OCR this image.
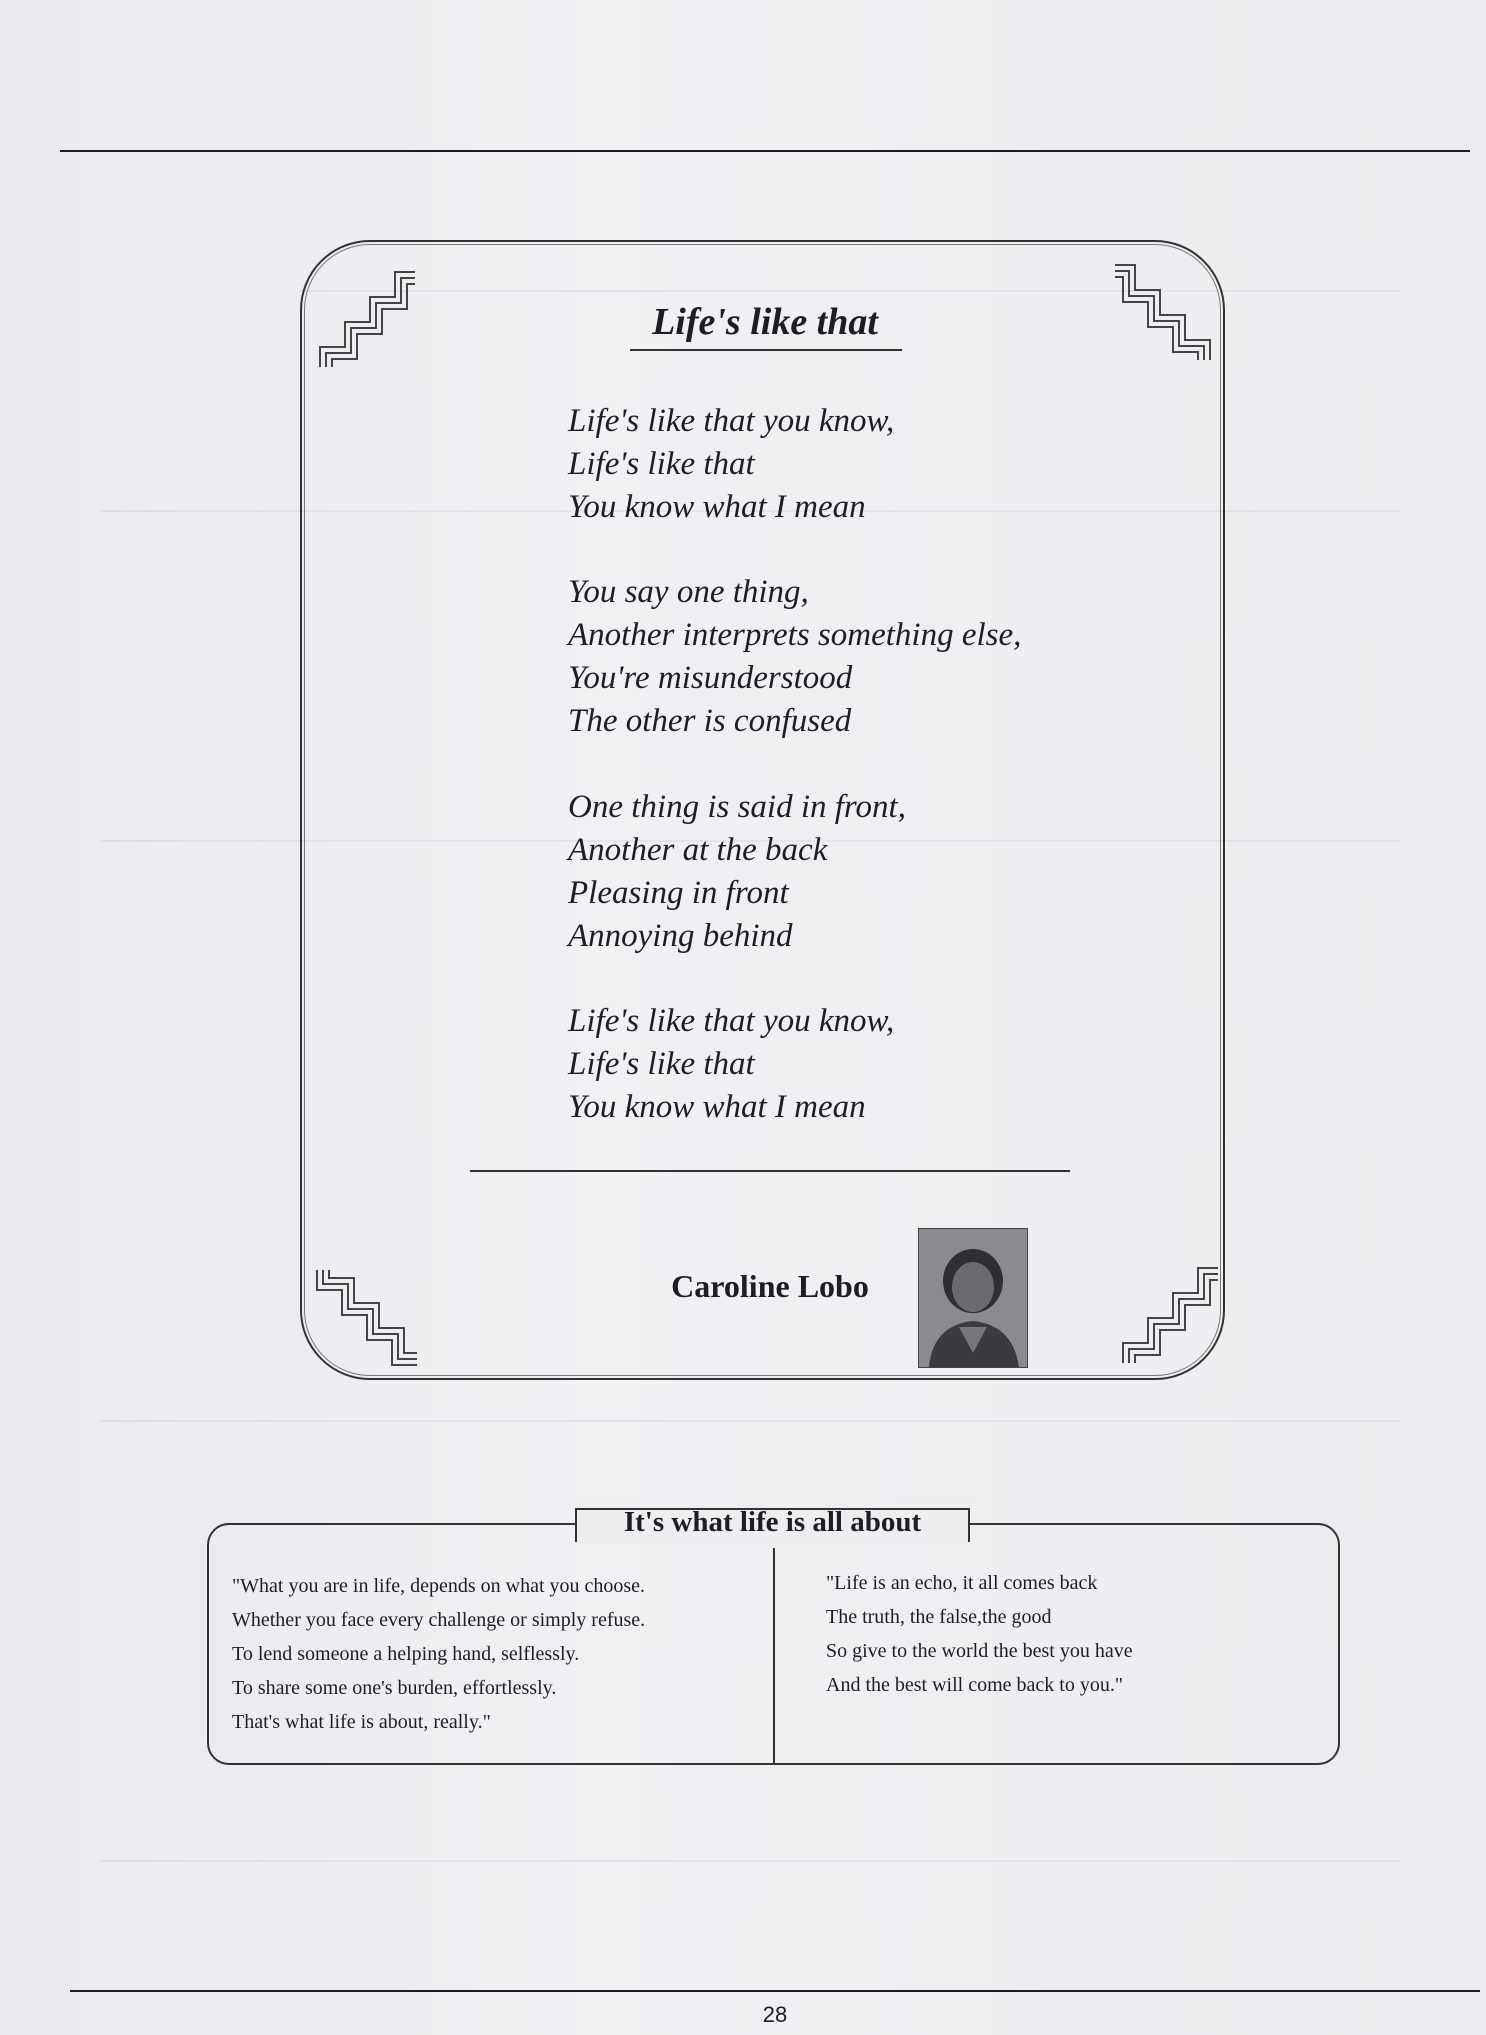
Life's like that

Life's like that you know,
Life's like that
You know what I mean

You say one thing,
Another interprets something else,
You're misunderstood
The other is confused

One thing is said in front,
Another at the back
Pleasing in front
Annoying behind

Life's like that you know,
Life's like that
You know what I mean

Caroline Lobo
It's what life is all about

"What you are in life, depends on what you choose.
Whether you face every challenge or simply refuse.
To lend someone a helping hand, selflessly.
To share some one's burden, effortlessly.
That's what life is about, really."

"Life is an echo, it all comes back
The truth, the false,the good
So give to the world the best you have
And the best will come back to you."

28
